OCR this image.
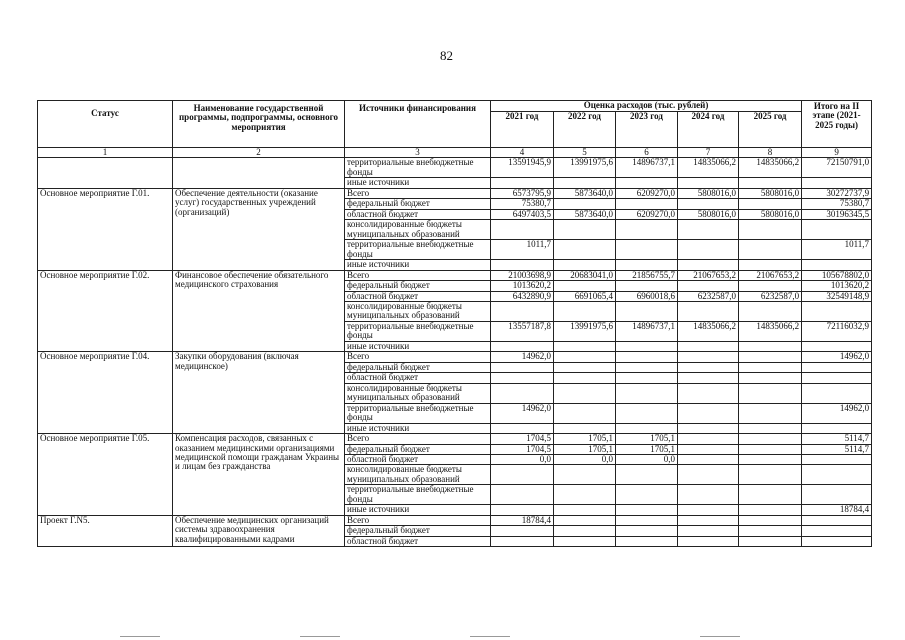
82
Статус	Наименование государственной программы, подпрограммы, основного мероприятия	Источники финансирования	Оценка расходов (тыс. рублей)					Итого на II этапе (2021-2025 годы)
			2021 год	2022 год	2023 год	2024 год	2025 год	
1	2	3	4	5	6	7	8	9
		территориальные внебюджетные фонды	13591945,9	13991975,6	14896737,1	14835066,2	14835066,2	72150791,0
		иные источники						
Основное мероприятие Г.01.	Обеспечение деятельности (оказание услуг) государственных учреждений (организаций)	Всего	6573795,9	5873640,0	6209270,0	5808016,0	5808016,0	30272737,9
		федеральный бюджет	75380,7					75380,7
		областной бюджет	6497403,5	5873640,0	6209270,0	5808016,0	5808016,0	30196345,5
		консолидированные бюджеты муниципальных образований						
		территориальные внебюджетные фонды	1011,7					1011,7
		иные источники						
Основное мероприятие Г.02.	Финансовое обеспечение обязательного медицинского страхования	Всего	21003698,9	20683041,0	21856755,7	21067653,2	21067653,2	105678802,0
		федеральный бюджет	1013620,2					1013620,2
		областной бюджет	6432890,9	6691065,4	6960018,6	6232587,0	6232587,0	32549148,9
		консолидированные бюджеты муниципальных образований						
		территориальные внебюджетные фонды	13557187,8	13991975,6	14896737,1	14835066,2	14835066,2	72116032,9
		иные источники						
Основное мероприятие Г.04.	Закупки оборудования (включая медицинское)	Всего	14962,0					14962,0
		федеральный бюджет						
		областной бюджет						
		консолидированные бюджеты муниципальных образований						
		территориальные внебюджетные фонды	14962,0					14962,0
		иные источники						
Основное мероприятие Г.05.	Компенсация расходов, связанных с оказанием медицинскими организациями медицинской помощи гражданам Украины и лицам без гражданства	Всего	1704,5	1705,1	1705,1			5114,7
		федеральный бюджет	1704,5	1705,1	1705,1			5114,7
		областной бюджет	0,0	0,0	0,0			
		консолидированные бюджеты муниципальных образований						
		территориальные внебюджетные фонды						
		иные источники						18784,4
Проект Г.N5.	Обеспечение медицинских организаций системы здравоохранения квалифицированными кадрами	Всего	18784,4					
		федеральный бюджет						
		областной бюджет						
